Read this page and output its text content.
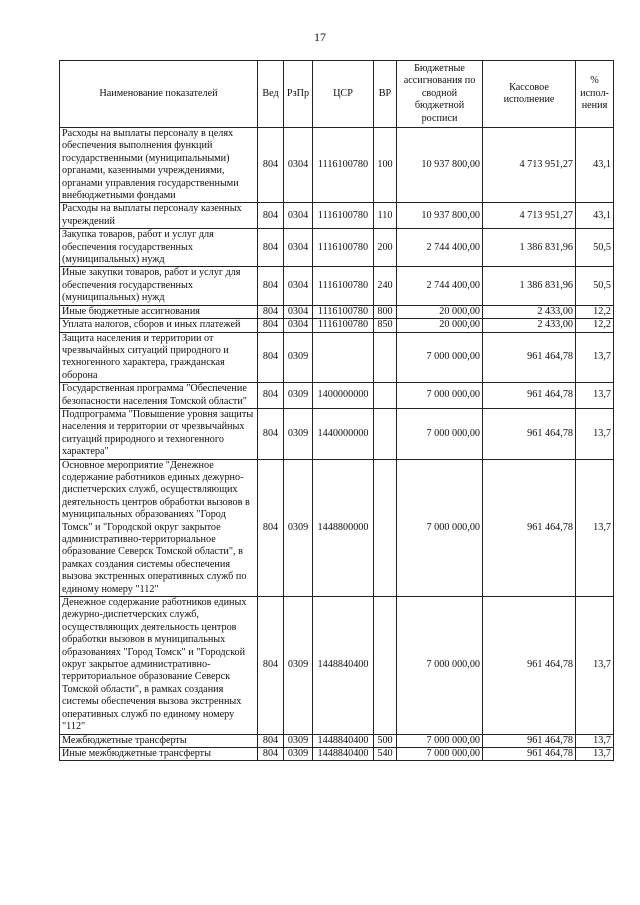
17
Наименование показателей	Вед	РзПр	ЦСР	ВР	Бюджетные ассигнования по сводной бюджетной росписи	Кассовое исполнение	% испол-нения
Расходы на выплаты персоналу в целях обеспечения выполнения функций государственными (муниципальными) органами, казенными учреждениями, органами управления государственными внебюджетными фондами	804	0304	1116100780	100	10 937 800,00	4 713 951,27	43,1
Расходы на выплаты персоналу казенных учреждений	804	0304	1116100780	110	10 937 800,00	4 713 951,27	43,1
Закупка товаров, работ и услуг для обеспечения государственных (муниципальных) нужд	804	0304	1116100780	200	2 744 400,00	1 386 831,96	50,5
Иные закупки товаров, работ и услуг для обеспечения государственных (муниципальных) нужд	804	0304	1116100780	240	2 744 400,00	1 386 831,96	50,5
Иные бюджетные ассигнования	804	0304	1116100780	800	20 000,00	2 433,00	12,2
Уплата налогов, сборов и иных платежей	804	0304	1116100780	850	20 000,00	2 433,00	12,2
Защита населения и территории от чрезвычайных ситуаций природного и техногенного характера, гражданская оборона	804	0309			7 000 000,00	961 464,78	13,7
Государственная программа "Обеспечение безопасности населения Томской области"	804	0309	1400000000		7 000 000,00	961 464,78	13,7
Подпрограмма "Повышение уровня защиты населения и территории от чрезвычайных ситуаций природного и техногенного характера"	804	0309	1440000000		7 000 000,00	961 464,78	13,7
Основное мероприятие "Денежное содержание работников единых дежурно-диспетчерских служб, осуществляющих деятельность центров обработки вызовов в муниципальных образованиях "Город Томск" и "Городской округ закрытое административно-территориальное образование Северск Томской области", в рамках создания системы обеспечения вызова экстренных оперативных служб по единому номеру "112"	804	0309	1448800000		7 000 000,00	961 464,78	13,7
Денежное содержание работников единых дежурно-диспетчерских служб, осуществляющих деятельность центров обработки вызовов в муниципальных образованиях "Город Томск" и "Городской округ закрытое административно-территориальное образование Северск Томской области", в рамках создания системы обеспечения вызова экстренных оперативных служб по единому номеру "112"	804	0309	1448840400		7 000 000,00	961 464,78	13,7
Межбюджетные трансферты	804	0309	1448840400	500	7 000 000,00	961 464,78	13,7
Иные межбюджетные трансферты	804	0309	1448840400	540	7 000 000,00	961 464,78	13,7
